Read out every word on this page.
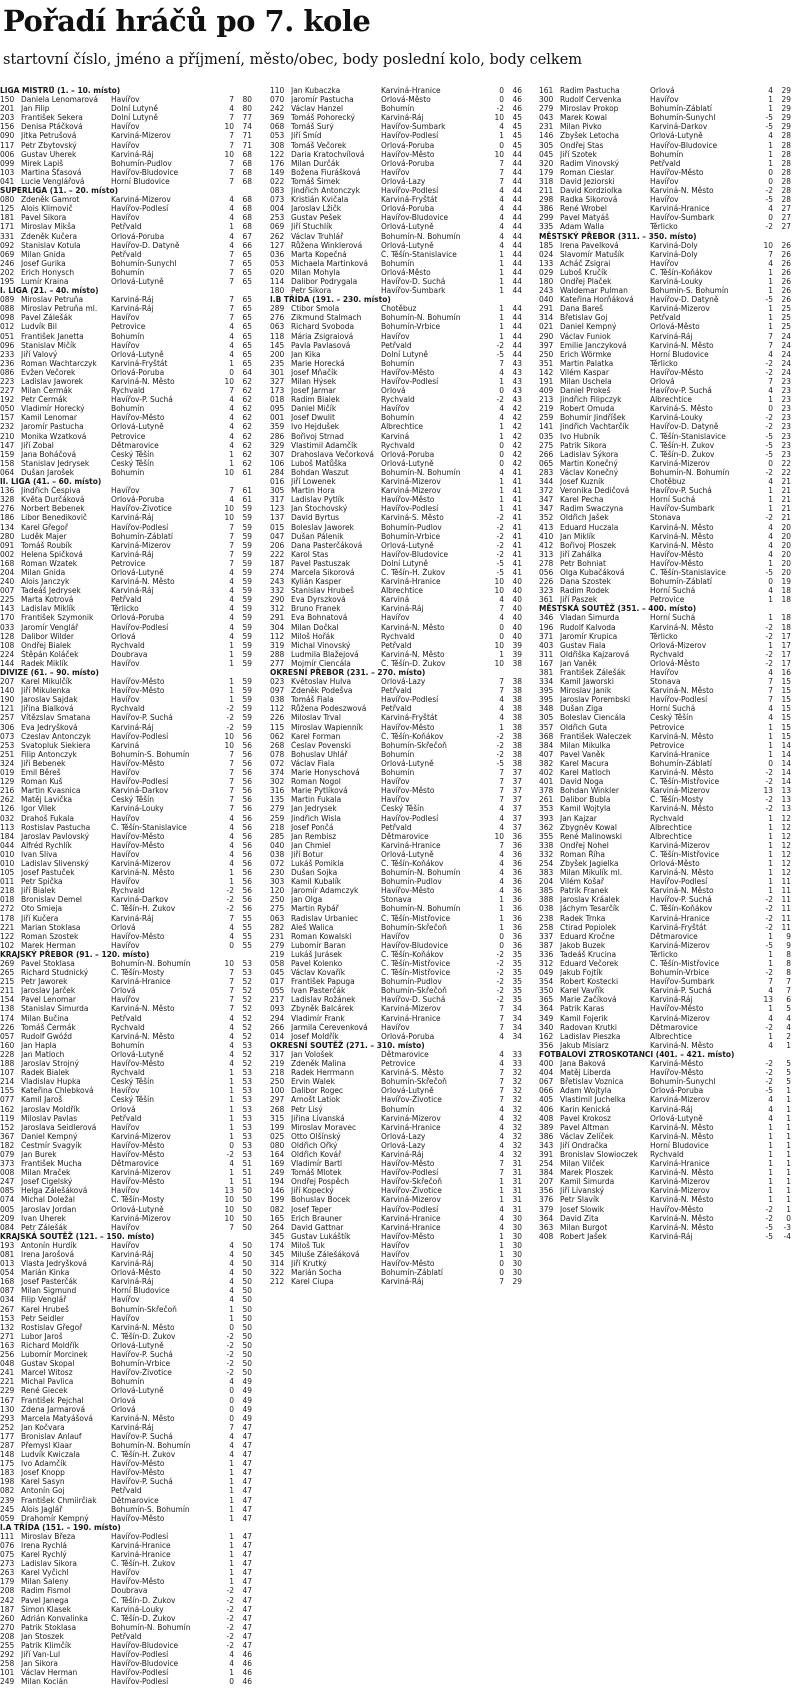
Pořadí hráčů po 7. kole

startovní číslo, jméno a příjmení, město/obec, body poslední kolo, body celkem

LIGA MISTRŮ (1. – 10. místo)
150 Daniela Lenomarová	Havířov	7	80
201 Jan Filip	Dolní Lutyně	4	80
203 František Sekera	Dolní Lutyně	7	77
156 Denisa Ptáčková	Havířov	10	74
090 Jitka Petrušová	Karviná-Mizerov	7	71
117 Petr Zbytovský	Havířov	7	71
006 Gustav Uherek	Karviná-Ráj	10	68
099 Mirek Lapiš	Bohumín-Pudlov	7	68
103 Martina Šťasová	Havířov-Bludovice	7	68
041 Lucie Venglářová	Horní Bludovice	7	68
SUPERLIGA (11. – 20. místo)
080 Zdeněk Gamrot	Karviná-Mizerov	4	68
125 Alois Klimovič	Havířov-Podlesí	4	68
181 Pavel Sikora	Havířov	4	68
171 Miroslav Mikša	Petřvald	1	68
331 Zdeněk Kučera	Orlová-Poruba	4	67
092 Stanislav Kotula	Havířov-D. Datyně	4	66
069 Milan Gnida	Petřvald	7	65
246 Josef Gurika	Bohumín-Šunychl	7	65
202 Erich Honysch	Bohumín	7	65
195 Lumír Kraina	Orlová-Lutyně	7	65
I. LIGA (21. – 40. místo)
089 Miroslav Petruňa	Karviná-Ráj	7	65
088 Miroslav Petruňa ml.	Karviná-Ráj	7	65
098 Pavel Zálešák	Havířov	7	65
012 Ludvík Bil	Petrovice	4	65
051 František Janetta	Bohumín	4	65
096 Stanislav Mičík	Havířov	4	65
233 Jiří Valový	Orlová-Lutyně	4	65
236 Roman Wachtarczyk	Karviná-Fryštát	1	65
086 Evžen Večorek	Orlová-Poruba	0	64
223 Ladislav Jaworek	Karviná-N. Město	10	62
227 Milan Čermák	Rychvald	7	62
192 Petr Čermák	Havířov-P. Suchá	4	62
050 Vladimír Horecký	Bohumín	4	62
157 Kamil Lenomar	Havířov-Město	4	62
232 Jaromír Pastucha	Orlová-Lutyně	4	62
210 Monika Wzatková	Petrovice	4	62
147 Jiří Zobal	Dětmarovice	4	62
159 Jana Boháčová	Český Těšín	1	62
158 Stanislav Jedrysek	Český Těšín	1	62
064 Dušan Jarošek	Bohumín	10	61
II. LIGA (41. – 60. místo)
136 Jindřich Čespiva	Havířov	7	61
328 Květa Durčáková	Orlová-Poruba	4	61
276 Norbert Bebenek	Havířov-Životice	10	59
186 Libor Benedikovič	Karviná-Ráj	10	59
134 Karel Gřegoř	Havířov-Podlesí	7	59
280 Luděk Majer	Bohumín-Záblatí	7	59
091 Tomáš Roubík	Karviná-Mizerov	7	59
002 Helena Spičková	Karviná-Ráj	7	59
168 Roman Wzatek	Petrovice	7	59
204 Milan Gnida	Orlová-Lutyně	4	59
240 Alois Janczyk	Karviná-N. Město	4	59
007 Tadeáš Jedrysek	Karviná-Ráj	4	59
225 Marta Kotrová	Petřvald	4	59
143 Ladislav Miklík	Těrlicko	4	59
170 František Szymonik	Orlová-Poruba	4	59
033 Jaromír Venglář	Havířov-Podlesí	4	59
128 Dalibor Wilder	Orlová	4	59
108 Ondřej Bialek	Rychvald	1	59
224 Štěpán Koláček	Doubrava	1	59
144 Radek Miklík	Havířov	1	59
DIVIZE (61. – 90. místo)
207 Karel Mikulčík	Havířov-Město	1	59
140 Jiří Mikulenka	Havířov-Město	1	59
190 Jaroslav Sajdak	Havířov	1	59
121 Jiřina Bialková	Rychvald	-2	59
257 Vítězslav Smatana	Havířov-P. Suchá	-2	59
306 Eva Jedryšková	Karviná-Ráj	-2	59
073 Czeslav Antonczyk	Havířov-Podlesí	10	56
253 Svatopluk Siekiera	Karviná	10	56
251 Filip Antonczyk	Bohumín-S. Bohumín	7	56
324 Jiří Bebenek	Havířov-Město	7	56
019 Emil Běreš	Havířov	7	56
129 Roman Kuš	Havířov-Podlesí	7	56
216 Martin Kvasnica	Karviná-Darkov	7	56
262 Matěj Lavička	Český Těšín	7	56
126 Igor Vilek	Karviná-Louky	7	56
032 Drahoš Fukala	Havířov	4	56
113 Rostislav Pastucha	Č. Těšín-Stanislavice	4	56
184 Jaroslav Pavlovský	Havířov-Město	4	56
044 Alfréd Rychlík	Havířov-Město	4	56
010 Ivan Sliva	Havířov	4	56
010 Ladislav Slivenský	Karviná-Mizerov	4	56
105 Josef Pastuček	Karviná-N. Město	1	56
011 Petr Spička	Havířov	1	56
218 Jiří Bialek	Rychvald	-2	56
018 Bronislav Demel	Karviná-Darkov	-2	56
272 Oto Smieja	Č. Těšín-H. Žukov	-2	56
178 Jiří Kučera	Karviná-Ráj	7	55
221 Marian Stoklasa	Orlová	4	55
122 Roman Szostek	Havířov-Město	4	55
102 Marek Herman	Havířov	0	55
KRAJSKÝ PŘEBOR (91. – 120. místo)
269 Pavel Stoklasa	Bohumín-N. Bohumín	10	53
265 Richard Studnický	Č. Těšín-Mosty	7	53
215 Petr Jaworek	Karviná-Hranice	7	52
211 Jaroslav Jarček	Orlová	7	52
154 Pavel Lenomar	Havířov	7	52
138 Stanislav Šimurda	Karviná-N. Město	7	52
174 Milan Bučina	Petřvald	4	52
226 Tomáš Čermák	Rychvald	4	52
057 Rudolf Gwóźd	Karviná-N. Město	4	52
160 Jan Hapla	Bohumín	4	53
228 Jan Matloch	Orlová-Lutyně	4	52
188 Jaroslav Strojný	Havířov-Město	4	52
107 Radek Bialek	Rychvald	1	53
214 Vladislav Hupka	Český Těšín	1	53
155 Kateřina Chlebková	Havířov	1	53
077 Kamil Jaroš	Český Těšín	1	53
162 Jaroslav Moldřík	Orlová	1	53
119 Miloslav Pavlas	Petřvald	1	53
152 Jaroslava Seidlerová	Havířov	1	53
367 Daniel Kempný	Karviná-Mizerov	1	53
182 Čestmír Svagyík	Havířov-Město	0	53
079 Jan Burek	Havířov-Město	-2	53
373 František Mucha	Dětmarovice	4	51
008 Milan Mraček	Karviná-Mizerov	1	51
247 Josef Cigelský	Havířov-Město	1	51
085 Helga Zálešáková	Havířov	13	50
074 Michal Doležal	Č. Těšín-Mosty	10	50
005 Jaroslav Jordan	Orlová-Lutyně	10	50
209 Ivan Uherek	Karviná-Mizerov	10	50
084 Petr Zálešák	Havířov	7	50
KRAJSKÁ SOUTĚŽ (121. – 150. místo)
193 Antonín Hurdík	Havířov	4	50
081 Irena Jarošová	Karviná-Ráj	4	50
013 Vlasta Jedryšková	Karviná-Ráj	4	50
054 Marián Kinka	Orlová-Město	4	50
168 Josef Pasterčák	Karviná-Ráj	4	50
087 Milan Sigmund	Horní Bludovice	4	50
034 Filip Venglář	Havířov	4	50
267 Karel Hrubeš	Bohumín-Skřečoň	1	50
153 Petr Seidler	Havířov	1	50
132 Rostislav Gřegoř	Karviná-N. Město	0	50
271 Lubor Jaroš	Č. Těšín-D. Žukov	-2	50
163 Richard Moldřík	Orlová-Lutyně	-2	50
256 Lubomír Morcinek	Havířov-P. Suchá	-2	50
048 Gustav Skopal	Bohumín-Vrbice	-2	50
241 Marcel Witosz	Havířov-Životice	-2	50
221 Michal Pavlica	Bohumín	4	49
229 René Giecek	Orlová-Lutyně	0	49
167 František Pejchal	Orlová	0	49
130 Zdena Jarmarová	Orlová	0	49
293 Marcela Matyášová	Karviná-N. Město	0	49
252 Jan Kočvara	Karviná-Ráj	7	47
177 Bronislav Anlauf	Havířov-P. Suchá	4	47
287 Přemysl Klaar	Bohumín-N. Bohumín	4	47
148 Ludvík Kwiczala	Č. Těšín-H. Žukov	4	47
175 Ivo Adamčík	Havířov-Město	1	47
183 Josef Knopp	Havířov-Město	1	47
198 Karel Sasyn	Havířov-P. Suchá	1	47
082 Antonín Goj	Petřvald	1	47
239 František Chmiirčiak	Dětmarovice	1	47
245 Alois Jaglář	Bohumín-S. Bohumín	1	47
059 Drahomír Kempný	Havířov-Město	1	47
I.A TŘÍDA (151. – 190. místo)
111 Miroslav Březa	Havířov-Podlesí	1	47
076 Irena Rychlá	Karviná-Hranice	1	47
075 Karel Rychlý	Karviná-Hranice	1	47
273 Ladislav Sikora	Č. Těšín-H. Žukov	1	47
263 Karel Vyčichl	Havířov	1	47
179 Milan Šaleny	Havířov-Město	1	47
208 Radim Fismol	Doubrava	-2	47
242 Pavel Janega	Č. Těšín-D. Žukov	-2	47
187 Šimon Klasek	Karviná-Louky	-2	47
260 Adrián Konvalinka	Č. Těšín-D. Žukov	-2	47
270 Patrik Stoklasa	Bohumín-N. Bohumín	-2	47
208 Jan Stoszek	Petřvald	-2	47
255 Patrik Klimčík	Havířov-Bludovice	-2	47
292 Jiří Van-Lul	Havířov-Podlesí	4	46
258 Jan Sikora	Havířov-Bludovice	4	46
101 Václav Herman	Havířov-Podlesí	1	46
249 Milan Kocián	Havířov-Podlesí	0	46
110 Jan Kubaczka	Karviná-Hranice	0	46
070 Jaromír Pastucha	Orlová-Město	0	46
242 Václav Hanzel	Bohumín	-2	46
369 Tomáš Pohorecký	Karviná-Ráj	10	45
068 Tomáš Surý	Havířov-Šumbark	4	45
053 Jiří Šmíd	Havířov-Podlesí	1	45
308 Tomáš Večorek	Orlová-Poruba	0	45
122 Daria Kratochvílová	Havířov-Město	10	44
176 Milan Durčák	Orlová-Poruba	7	44
149 Božena Fiurášková	Havířov	7	44
022 Tomáš Šimek	Orlová-Lazy	7	44
083 Jindřich Antonczyk	Havířov-Podlesí	4	44
073 Kristián Kvičala	Karviná-Fryštát	4	44
004 Jaroslav Lžičk	Orlová-Poruba	4	44
253 Gustav Pešek	Havířov-Bludovice	4	44
069 Jiří Stuchlík	Orlová-Lutyně	4	44
262 Václav Truhlář	Bohumín-N. Bohumín	4	44
127 Růžena Winklerová	Orlová-Lutyně	4	44
036 Marta Kopečná	Č. Těšín-Stanislavice	1	44
053 Michaela Martinková	Bohumín	1	44
020 Milan Mohyla	Orlová-Město	1	44
114 Dalibor Podrygala	Havířov-D. Suchá	1	44
180 Petr Sikora	Havířov-Šumbark	1	44
I.B TŘÍDA (191. – 230. místo)
289 Ctibor Smola	Chotěbuz	1	44
276 Zikmund Stalmach	Bohumín-N. Bohumín	1	44
063 Richard Svoboda	Bohumín-Vrbice	1	44
118 Mária Zsigraiová	Havířov	1	44
145 Pavla Pavlasová	Petřvald	-2	44
200 Jan Kika	Dolní Lutyně	-5	44
235 Marie Horecká	Bohumín	7	43
301 Josef Mňačík	Havířov-Město	4	43
327 Milan Hýsek	Havířov-Podlesí	1	43
173 Josef Jarmar	Orlová	0	43
018 Radim Bialek	Rychvald	-2	43
095 Daniel Mičík	Havířov	4	42
001 Josef Dwulit	Bohumín	4	42
359 Ivo Hejdušek	Albrechtice	1	42
286 Bořivoj Strnad	Karviná	1	42
329 Vlastimil Adamčík	Rychvald	0	42
307 Drahoslava Večorková Orlová-Poruba	0	42
106 Luboš Matůška	Orlová-Lutyně	0	42
284 Bohdan Waszut	Bohumín-N. Bohumín	4	41
016 Jiří Lowenek	Karviná-Mizerov	1	41
305 Martin Hora	Karviná-Mizerov	1	41
317 Ladislav Pytlík	Havířov-Město	1	41
123 Jan Štochovský	Havířov-Podlesí	1	41
137 David Byrtus	Karviná-S. Město	-2	41
015 Boleslav Jaworek	Bohumín-Pudlov	-2	41
047 Dušan Pálenik	Bohumín-Vrbice	-2	41
206 Dana Pasterčáková	Orlová-Lutyně	-2	41
222 Karol Stas	Havířov-Bludovice	-2	41
187 Pavel Pastuszak	Dolní Lutyně	-5	41
274 Marcela Sikorová	Č. Těšín-H. Žukov	-5	41
243 Kylián Kasper	Karviná-Hranice	10	40
332 Stanislav Hrubeš	Albrechtice	10	40
290 Eva Dyrszková	Karviná	4	40
312 Bruno Franek	Karviná-Ráj	7	40
291 Eva Bohnatová	Havířov	4	40
304 Milan Dočkal	Karviná-N. Město	0	40
112 Miloš Hořák	Rychvald	0	40
319 Michal Vinovský	Petřvald	10	39
288 Ludmila Blažejová	Karviná-N. Město	1	39
277 Mojmír Ciencála	Č. Těšín-D. Žukov	10	38
OKRESNÍ PŘEBOR (231. – 270. místo)
023 Květoslav Hulva	Orlová-Lazy	7	38
097 Zdeněk Podešva	Petřvald	7	38
038 Tomáš Fiala	Havířov-Podlesí	4	38
112 Růžena Podeszwová	Petřvald	4	38
226 Miloslav Trval	Karviná-Fryštát	4	38
115 Miroslav Wapienník	Havířov-Město	1	38
062 Karel Forman	Č. Těšín-Koňákov	-2	38
268 Česlav Povenski	Bohumín-Skřečoň	-2	38
078 Bohuslav Uhlář	Bohumín	-2	38
072 Václav Fiala	Orlová-Lutyně	-5	38
374 Marie Honyschová	Bohumín	7	37
302 Roman Nogol	Havířov	7	37
316 Marie Pytlíková	Havířov-Město	7	37
135 Martin Fukala	Havířov	7	37
279 Jan Jedrysek	Český Těšín	4	37
259 Jindřich Wisla	Havířov-Podlesí	4	37
218 Josef Pončá	Petřvald	4	37
285 Jan Rembisz	Dětmarovice	10	36
040 Jan Chmiel	Karviná-Hranice	7	36
038 Jiří Botur	Orlová-Lutyně	4	36
072 Lukáš Pomikla	Č. Těšín-Koňákov	4	36
230 Dušan Sojka	Bohumín-N. Bohumín	4	36
303 Kamil Kubalík	Bohumín-Pudlov	4	36
120 Jaromír Adamczyk	Havířov-Město	4	36
250 Jan Olga	Stonava	1	36
275 Martin Rybář	Bohumín-N. Bohumín	1	36
063 Radislav Urbaniec	Č. Těšín-Mistřovice	1	36
282 Aleš Walica	Bohumín-Skřečoň	1	36
231 Roman Kowalski	Havířov	0	36
279 Lubomír Baran	Havířov-Bludovice	0	36
219 Lukáš Jurásek	Č. Těšín-Koňákov	-2	35
058 Pavel Kolenko	Č. Těšín-Mistřovice	-2	35
045 Václav Kovařík	Č. Těšín-Mistřovice	-2	35
017 František Papuga	Bohumín-Pudlov	-2	35
055 Ivan Pasterčák	Bohumín-Skřečoň	-2	35
217 Ladislav Rožánek	Havířov-D. Suchá	-2	35
093 Zbyněk Balcárek	Karviná-Mizerov	7	34
294 Vladimír Frank	Karviná-Hranice	7	34
266 Jarmila Čerevenková	Havířov	7	34
014 Josef Moldřík	Orlová-Poruba	4	34
OKRESNÍ SOUTĚŽ (271. – 310. místo)
317 Jan Vološek	Dětmarovice	4	33
219 Zdeněk Malina	Petrovice	4	33
218 Radek Herrmann	Karviná-S. Město	7	32
250 Ervin Walek	Bohumín-Skřečoň	7	32
100 Dalibor Rogec	Orlová-Lutyně	7	32
297 Arnošt Latiok	Havířov-Životice	7	32
268 Petr Lisý	Bohumín	4	32
315 Jiřina Lívanská	Karviná-Mizerov	4	32
199 Miroslav Moravec	Karviná-Hranice	4	32
025 Otto Olšínský	Orlová-Lazy	4	32
080 Oldřich Ořký	Orlová-Lazy	4	32
164 Oldřich Kovář	Karviná-Ráj	4	32
169 Vladimír Bartl	Havířov-Město	7	31
249 Tomáš Mlotek	Havířov-Podlesí	7	31
194 Ondřej Pospěch	Havířov-Skřečoň	1	31
146 Jiří Kopecký	Havířov-Životice	1	31
199 Bohuslav Bocek	Karviná-Mizerov	1	31
082 Josef Teper	Havířov-Podlesí	4	31
165 Erich Brauner	Karviná-Hranice	4	30
264 David Gattnar	Karviná-Hranice	4	30
345 Gustav Lukáštík	Havířov-Město	1	30
174 Miloš Tuk	Havířov	1	30
345 Miluše Zálešáková	Havířov	1	30
314 Jiří Krutký	Havířov-Město	0	30
322 Marián Socha	Bohumín-Záblatí	0	30
212 Karel Ciupa	Karviná-Ráj	7	29
161 Radim Pastucha	Orlová	4	29
300 Rudolf Červenka	Havířov	1	29
279 Miroslav Prokop	Bohumín-Záblatí	1	29
043 Marek Kowal	Bohumín-Šunychl	-5	29
231 Milan Pivko	Karviná-Darkov	-5	29
146 Zbyšek Letocha	Orlová-Lutyně	4	28
305 Ondřej Stas	Havířov-Bludovice	1	28
045 Jiří Szotek	Bohumín	1	28
320 Radim Vinovský	Petřvald	1	28
179 Roman Cieslar	Havířov-Město	0	28
318 David Jeziorski	Havířov	0	28
211 David Kordziolka	Karviná-N. Město	-2	28
298 Radka Sikorová	Havířov	-5	28
386 René Wrobel	Karviná-Hranice	4	27
299 Pavel Matyáš	Havířov-Šumbark	0	27
335 Adam Walla	Těrlicko	-2	27
MĚSTSKÝ PŘEBOR (311. – 350. místo)
185 Irena Pavelková	Karviná-Doly	10	26
024 Slavomír Matušík	Karviná-Doly	7	26
133 Acháč Zsigrai	Havířov	4	26
029 Luboš Kručík	Č. Těšín-Koňákov	1	26
180 Ondřej Plaček	Karviná-Louky	1	26
243 Waldemar Pulman	Bohumín-S. Bohumín	1	26
040 Kateřina Horňáková	Havířov-D. Datyně	-5	26
291 Dana Bareš	Karviná-Mizerov	1	25
314 Břetislav Goj	Petřvald	1	25
021 Daniel Kempný	Orlová-Město	1	25
290 Václav Funiok	Karviná-Ráj	7	24
397 Emilie Janczyková	Karviná-N. Město	7	24
250 Erich Wörmke	Horní Bludovice	4	24
351 Martin Palatka	Těrlicko	-2	24
142 Vilém Kaspar	Havířov-Město	-2	24
191 Milan Uschela	Orlová	7	23
409 Daniel Prokeš	Havířov-P. Suchá	4	23
213 Jindřich Filipczyk	Albrechtice	1	23
219 Robert Omuda	Karviná-S. Město	0	23
259 Bohumír Jindříšek	Karviná-Louky	-2	23
141 Jindřich Vachtarčík	Havířov-D. Datyně	-2	23
035 Ivo Hubník	Č. Těšín-Stanislavice	-5	23
275 Patrik Sikora	Č. Těšín-H. Žukov	-5	23
266 Ladislav Sýkora	Č. Těšín-D. Žukov	-5	23
065 Martin Konečný	Karviná-Mizerov	0	22
283 Václav Konečný	Bohumín-N. Bohumín	-2	22
344 Josef Kuzník	Chotěbuz	4	21
372 Veronika Dedičová	Havířov-P. Suchá	1	21
347 Karel Pecha	Horní Suchá	1	21
347 Radim Swaczyna	Havířov-Šumbark	1	21
352 Oldřich Jašek	Stonava	-2	21
413 Eduard Huczala	Karviná-N. Město	4	20
410 Jan Miklík	Karviná-N. Město	4	20
412 Bořivoj Ploszek	Karviná-N. Město	4	20
313 Jiří Zahálka	Havířov-Město	4	20
278 Petr Bohniat	Havířov-Město	1	20
056 Olga Kubačáková	Č. Těšín-Stanislavice	-5	20
226 Dana Szostek	Bohumín-Záblatí	0	19
323 Radim Rodek	Horní Suchá	4	18
361 Jiří Paszek	Petrovice	1	18
MĚSTSKÁ SOUTĚŽ (351. – 400. místo)
346 Vladan Šimurda	Horní Suchá	1	18
196 Rudolf Kalvoda	Karviná-N. Město	-2	18
371 Jaromír Krupica	Těrlicko	-2	17
403 Gustav Fiala	Orlová-Mizerov	1	17
311 Oldřiška Kajzarová	Rychvald	-2	17
167 Jan Vaněk	Orlová-Město	-2	17
381 František Zálešák	Havířov	4	16
334 Kamil Jaworski	Stonava	7	15
395 Miroslav Janik	Karviná-N. Město	7	15
395 Jaroslav Porembski	Havířov-Podlesí	7	15
348 Dušan Ziga	Horní Suchá	4	15
305 Boleslav Ciencála	Český Těšín	4	15
357 Oldřich Guta	Petrovice	1	15
368 František Waleczek	Karviná-N. Město	1	15
384 Milan Mikulka	Petrovice	1	14
407 Pavel Vaněk	Karviná-Hranice	1	14
382 Karel Macura	Bohumín-Záblatí	0	14
402 Karel Matloch	Karviná-N. Město	-2	14
401 David Noga	Č. Těšín-Mistřovice	-2	14
378 Bohdan Winkler	Karviná-Mizerov	13	13
261 Dalibor Bubla	Č. Těšín-Mosty	-2	13
353 Kamil Wojtyla	Karviná-N. Město	-2	13
393 Jan Kajzar	Rychvald	1	12
362 Zbygněv Kowal	Albrechtice	1	12
355 René Malinowski	Albrechtice	1	12
338 Ondřej Nohel	Karviná-Mizerov	1	12
332 Roman Říha	Č. Těšín-Mistřovice	1	12
254 Zbyšek Jagielka	Orlová-Město	1	12
383 Milan Mikulík ml.	Karviná-N. Město	1	12
204 Vilém Košař	Havířov-Podlesí	1	11
385 Patrik Franek	Karviná-N. Město	1	11
388 Jaroslav Kráalek	Havířov-P. Suchá	-2	11
038 Jáchym Tesarčík	Č. Těšín-Koňákov	-2	11
238 Radek Trnka	Karviná-Hranice	-2	11
258 Ctirad Popiolek	Karviná-Fryštát	-2	11
337 Eduard Kročne	Dětmarovice	1	9
387 Jakob Buzek	Karviná-Mizerov	-5	9
336 Tadeáš Krucina	Těrlicko	1	8
312 Eduard Večorek	Č. Těšín-Mistřovice	1	8
049 Jakub Fojtík	Bohumín-Vrbice	-2	8
354 Robert Kostecki	Havířov-Šumbark	7	7
350 Karel Vavřík	Karviná-P. Suchá	4	7
365 Marie Začíková	Karviná-Ráj	13	6
364 Patrik Karas	Havířov-Město	1	5
349 Kamil Fojerik	Karviná-Mizerov	4	4
340 Radovan Krutki	Dětmarovice	-2	4
162 Ladislav Pieszka	Albrechtice	1	2
356 Jakub Misiarz	Karviná-N. Město	4	1
FOTBALOVÍ ZTROSKOTANCI (401. – 421. místo)
400 Jana Baková	Karviná-Město	-2	5
404 Matěj Liberda	Havířov-Město	-2	5
067 Břetislav Voznica	Bohumín-Šunychl	-2	5
066 Adam Wojtyla	Orlová-Poruba	-5	1
405 Vlastimil Juchelka	Karviná-Mizerov	4	1
406 Karin Kenická	Karviná-Ráj	4	1
408 Pavel Krokosz	Orlová-Lutyně	4	1
389 Pavel Altman	Karviná-N. Město	1	1
386 Václav Zelíček	Karviná-N. Město	1	1
343 Jiří Ondračka	Horní Bludovice	1	1
391 Bronislav Slowioczek	Rychvald	1	1
254 Milan Vilček	Karviná-Hranice	1	1
384 Marek Ploszek	Karviná-N. Město	1	1
207 Kamil Šimurda	Karviná-Mizerov	1	1
356 Jiří Lívanský	Karviná-Mizerov	1	1
376 Petr Slavík	Karviná-N. Město	1	1
379 Josef Slowik	Havířov-Město	-2	1
364 David Zita	Karviná-N. Město	-2	0
363 Milan Burgot	Karviná-N. Město	-5	-3
408 Robert Jašek	Karviná-Ráj	-5	-4
